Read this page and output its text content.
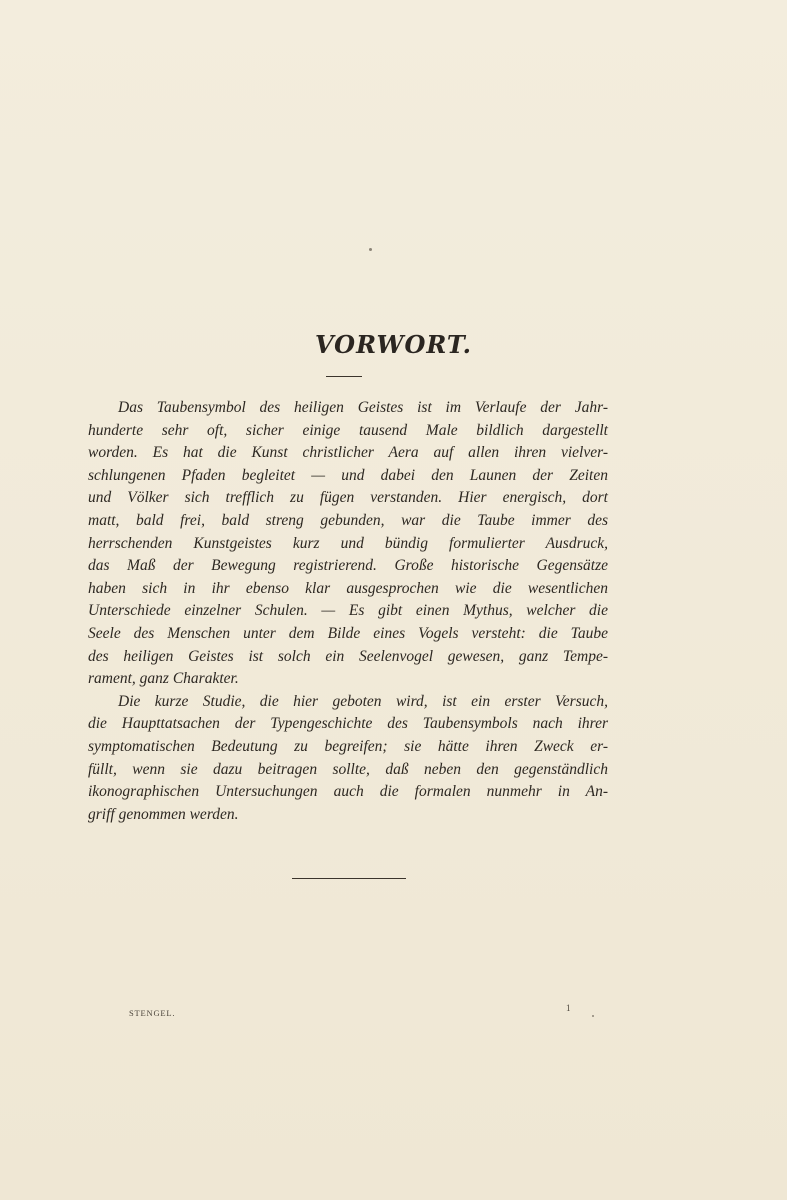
VORWORT.
Das Taubensymbol des heiligen Geistes ist im Verlaufe der Jahr-
hunderte sehr oft, sicher einige tausend Male bildlich dargestellt
worden. Es hat die Kunst christlicher Aera auf allen ihren vielver-
schlungenen Pfaden begleitet — und dabei den Launen der Zeiten
und Völker sich trefflich zu fügen verstanden. Hier energisch, dort
matt, bald frei, bald streng gebunden, war die Taube immer des
herrschenden Kunstgeistes kurz und bündig formulierter Ausdruck,
das Maß der Bewegung registrierend. Große historische Gegensätze
haben sich in ihr ebenso klar ausgesprochen wie die wesentlichen
Unterschiede einzelner Schulen. — Es gibt einen Mythus, welcher die
Seele des Menschen unter dem Bilde eines Vogels versteht: die Taube
des heiligen Geistes ist solch ein Seelenvogel gewesen, ganz Tempe-
rament, ganz Charakter.
Die kurze Studie, die hier geboten wird, ist ein erster Versuch,
die Haupttatsachen der Typengeschichte des Taubensymbols nach ihrer
symptomatischen Bedeutung zu begreifen; sie hätte ihren Zweck er-
füllt, wenn sie dazu beitragen sollte, daß neben den gegenständlich
ikonographischen Untersuchungen auch die formalen nunmehr in An-
griff genommen werden.
STENGEL.	1
